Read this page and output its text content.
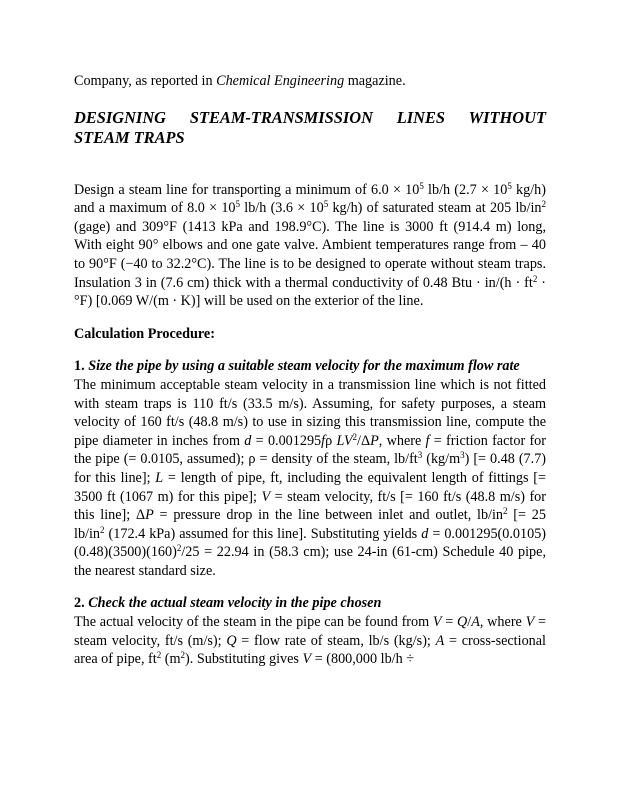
Company, as reported in Chemical Engineering magazine.

DESIGNING STEAM-TRANSMISSION LINES WITHOUT STEAM TRAPS

Design a steam line for transporting a minimum of $6.0 \times 10^5$ lb/h ($2.7 \times 10^5$ kg/h) and a maximum of $8.0 \times 10^5$ lb/h ($3.6 \times 10^5$ kg/h) of saturated steam at 205 $lb/in^2$ (gage) and 309°F (1413 kPa and 198.9°C). The line is 3000 ft (914.4 m) long, With eight 90° elbows and one gate valve. Ambient temperatures range from – 40 to 90°F (−40 to 32.2°C). The line is to be designed to operate without steam traps. Insulation 3 in (7.6 cm) thick with a thermal conductivity of 0.48 Btu · $in/(h \cdot ft^2 \cdot ^\circ F)$ [0.069 W/(m · K)] will be used on the exterior of the line.

Calculation Procedure:

1. Size the pipe by using a suitable steam velocity for the maximum flow rate

The minimum acceptable steam velocity in a transmission line which is not fitted with steam traps is 110 ft/s (33.5 m/s). Assuming, for safety purposes, a steam velocity of 160 ft/s (48.8 m/s) to use in sizing this transmission line, compute the pipe diameter in inches from d = 0.001295fρ $LV^2/\Delta P$, where f = friction factor for the pipe (= 0.0105, assumed); ρ = density of the steam, $lb/ft^3$ $(kg/m^3)$ [= 0.48 (7.7) for this line]; L = length of pipe, ft, including the equivalent length of fittings [= 3500 ft (1067 m) for this pipe]; V = steam velocity, ft/s [= 160 ft/s (48.8 m/s) for this line]; ΔP = pressure drop in the line between inlet and outlet, $lb/in^2$ [= 25 $lb/in^2$ (172.4 kPa) assumed for this line]. Substituting yields $d = 0.001295(0.0105)(0.48)(3500)(160)^2/25 = 22.94$ in (58.3 cm); use 24-in (61-cm) Schedule 40 pipe, the nearest standard size.

2. Check the actual steam velocity in the pipe chosen

The actual velocity of the steam in the pipe can be found from V = Q/A, where V = steam velocity, ft/s (m/s); Q = flow rate of steam, lb/s (kg/s); A = cross-sectional area of pipe, $ft^2$ $(m^2)$. Substituting gives V = (800,000 lb/h ÷
